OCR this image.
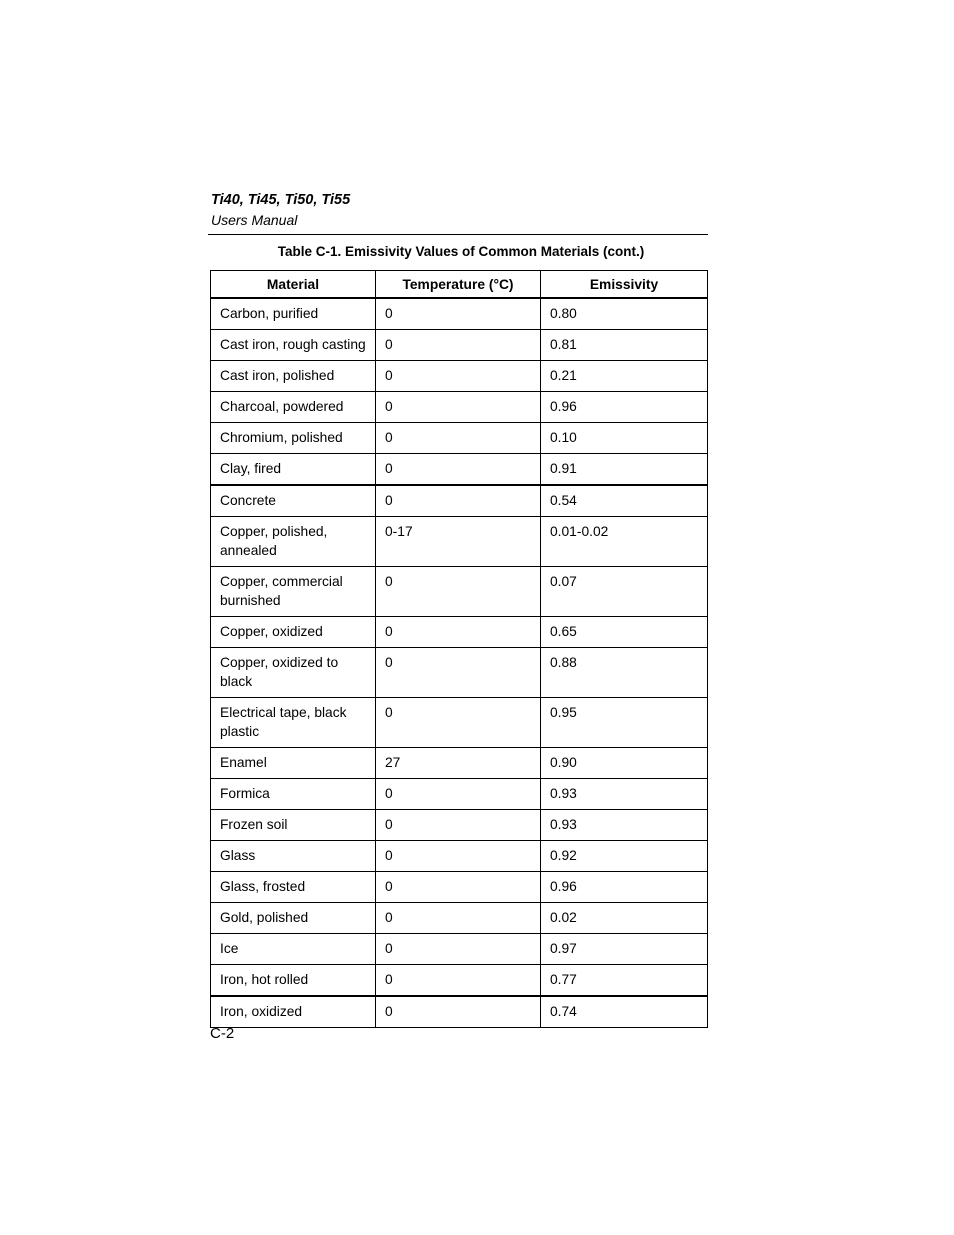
Ti40, Ti45, Ti50, Ti55
Users Manual
Table C-1. Emissivity Values of Common Materials (cont.)
Material	Temperature (°C)	Emissivity
Carbon, purified	0	0.80
Cast iron, rough casting	0	0.81
Cast iron, polished	0	0.21
Charcoal, powdered	0	0.96
Chromium, polished	0	0.10
Clay, fired	0	0.91
Concrete	0	0.54
Copper, polished, annealed	0-17	0.01-0.02
Copper, commercial burnished	0	0.07
Copper, oxidized	0	0.65
Copper, oxidized to black	0	0.88
Electrical tape, black plastic	0	0.95
Enamel	27	0.90
Formica	0	0.93
Frozen soil	0	0.93
Glass	0	0.92
Glass, frosted	0	0.96
Gold, polished	0	0.02
Ice	0	0.97
Iron, hot rolled	0	0.77
Iron, oxidized	0	0.74
C-2
